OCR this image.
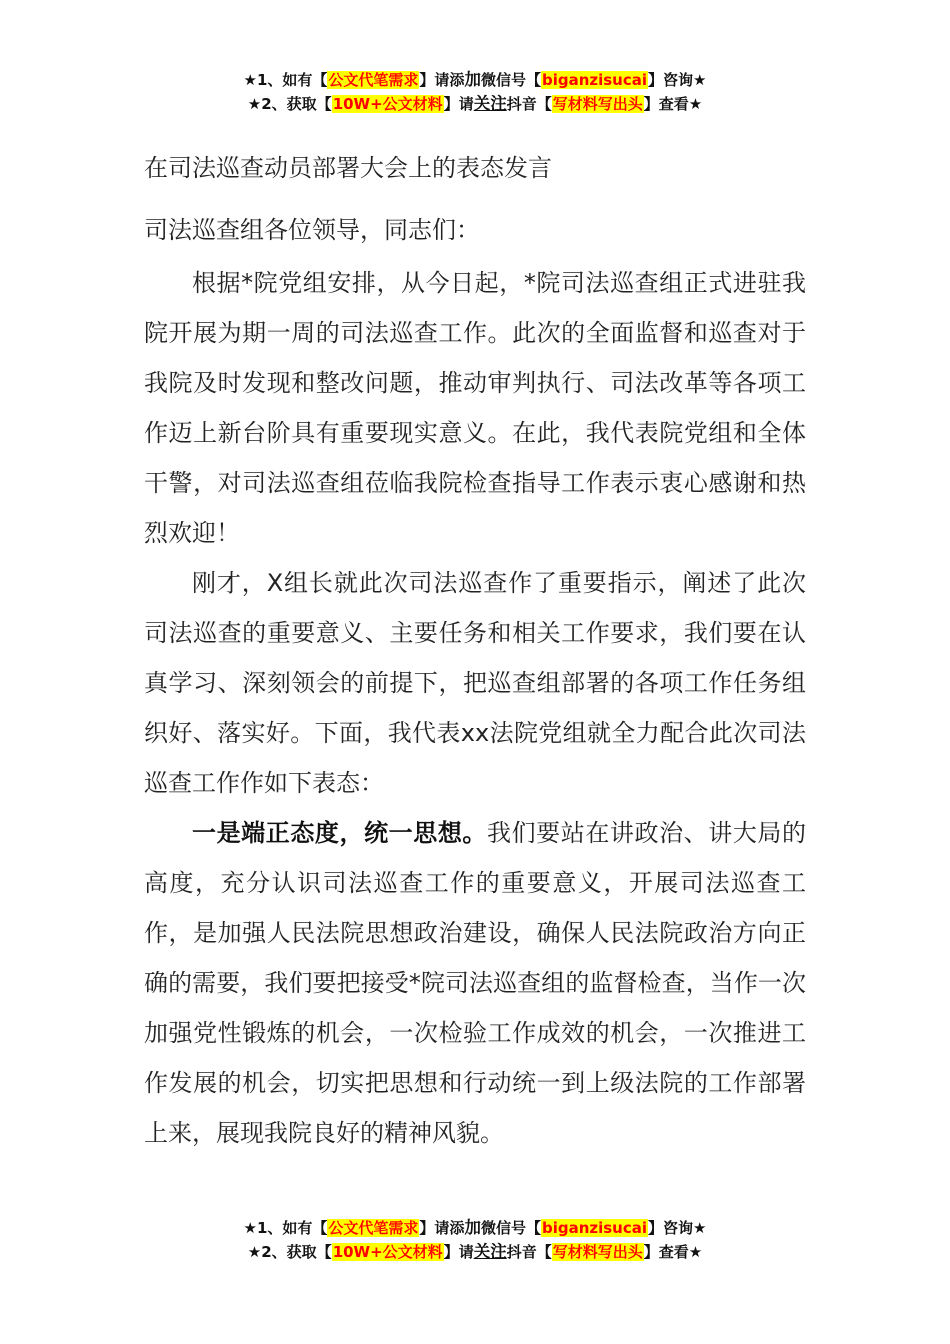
★1、如有【公文代笔需求】请添加微信号【biganzisucai】咨询★
★2、获取【10W+公文材料】请关注抖音【写材料写出头】查看★
在司法巡查动员部署大会上的表态发言

司法巡查组各位领导，同志们：

根据*院党组安排，从今日起，*院司法巡查组正式进驻我院开展为期一周的司法巡查工作。此次的全面监督和巡查对于我院及时发现和整改问题，推动审判执行、司法改革等各项工作迈上新台阶具有重要现实意义。在此，我代表院党组和全体干警，对司法巡查组莅临我院检查指导工作表示衷心感谢和热烈欢迎！

刚才，X组长就此次司法巡查作了重要指示，阐述了此次司法巡查的重要意义、主要任务和相关工作要求，我们要在认真学习、深刻领会的前提下，把巡查组部署的各项工作任务组织好、落实好。下面，我代表xx法院党组就全力配合此次司法巡查工作作如下表态：

一是端正态度，统一思想。我们要站在讲政治、讲大局的高度，充分认识司法巡查工作的重要意义，开展司法巡查工作，是加强人民法院思想政治建设，确保人民法院政治方向正确的需要，我们要把接受*院司法巡查组的监督检查，当作一次加强党性锻炼的机会，一次检验工作成效的机会，一次推进工作发展的机会，切实把思想和行动统一到上级法院的工作部署上来，展现我院良好的精神风貌。

★1、如有【公文代笔需求】请添加微信号【biganzisucai】咨询★
★2、获取【10W+公文材料】请关注抖音【写材料写出头】查看★
